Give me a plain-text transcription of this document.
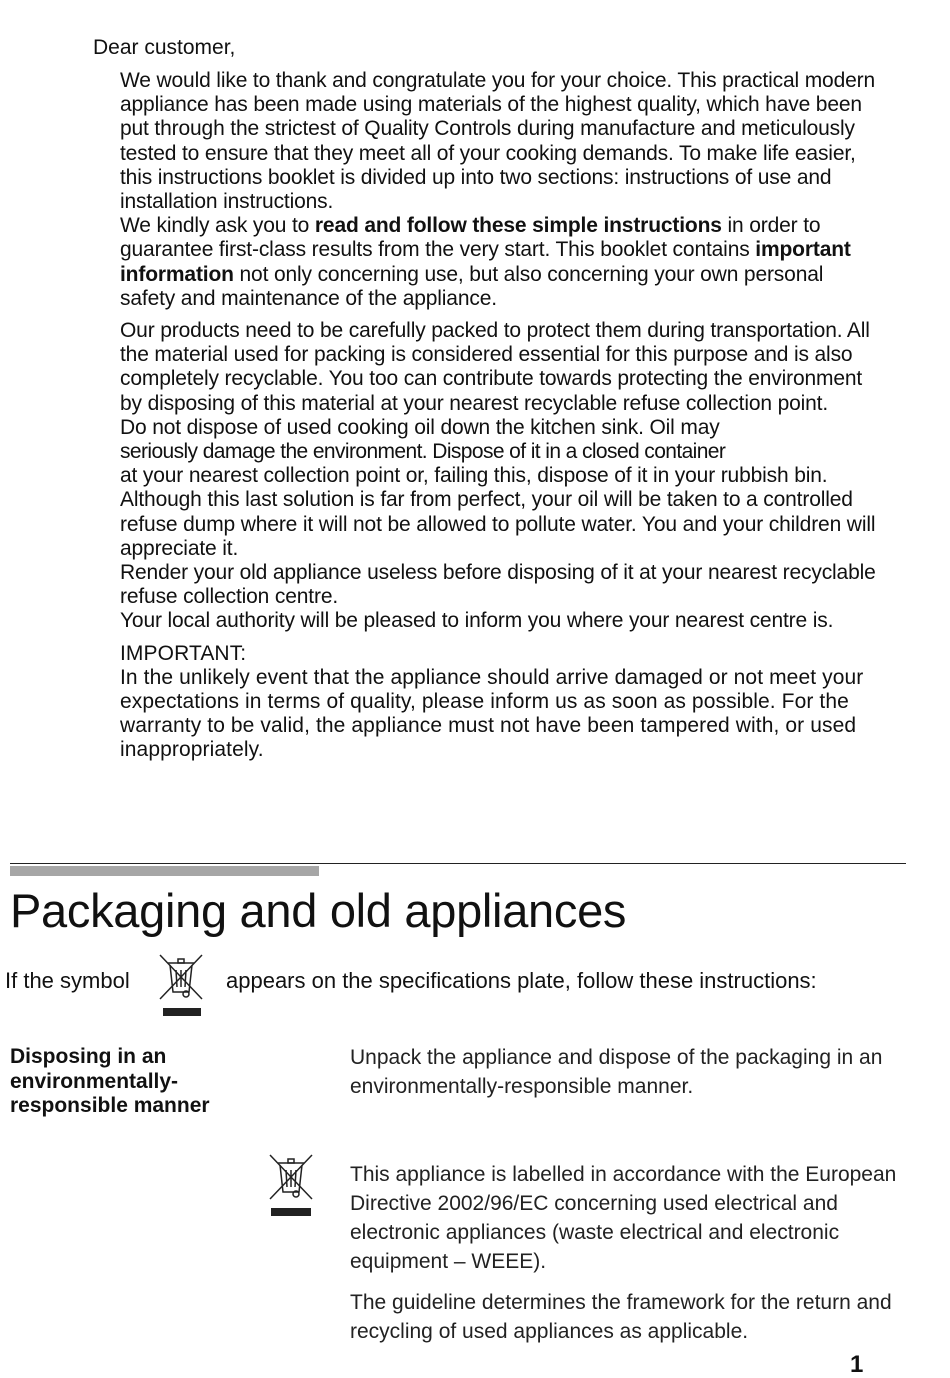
Dear customer,

We would like to thank and congratulate you for your choice. This practical modern appliance has been made using materials of the highest quality, which have been put through the strictest of Quality Controls during manufacture and meticulously tested to ensure that they meet all of your cooking demands. To make life easier, this instructions booklet is divided up into two sections: instructions of use and installation instructions.

We kindly ask you to read and follow these simple instructions in order to guarantee first-class results from the very start. This booklet contains important information not only concerning use, but also concerning your own personal safety and maintenance of the appliance.

Our products need to be carefully packed to protect them during transportation. All the material used for packing is considered essential for this purpose and is also completely recyclable. You too can contribute towards protecting the environment by disposing of this material at your nearest recyclable refuse collection point.

Do not dispose of used cooking oil down the kitchen sink. Oil may
seriously damage the environment. Dispose of it in a closed container
at your nearest collection point or, failing this, dispose of it in your rubbish bin. Although this last solution is far from perfect, your oil will be taken to a controlled refuse dump where it will not be allowed to pollute water. You and your children will appreciate it.

Render your old appliance useless before disposing of it at your nearest recyclable refuse collection centre.

Your local authority will be pleased to inform you where your nearest centre is.

IMPORTANT:

In the unlikely event that the appliance should arrive damaged or not meet your expectations in terms of quality, please inform us as soon as possible. For the warranty to be valid, the appliance must not have been tampered with, or used inappropriately.

Packaging and old appliances
If the symbol	appears on the specifications plate, follow these instructions:
Disposing in an environmentally-responsible manner

Unpack the appliance and dispose of the packaging in an environmentally-responsible manner.

This appliance is labelled in accordance with the European Directive 2002/96/EC concerning used electrical and electronic appliances (waste electrical and electronic equipment – WEEE).

The guideline determines the framework for the return and recycling of used appliances as applicable.

1
